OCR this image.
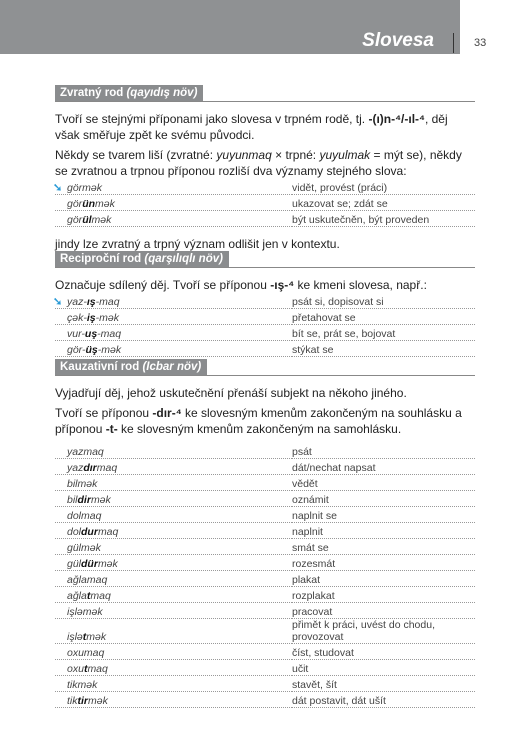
Slovesa	33
Zvratný rod (qayıdış növ)

Tvoří se stejnými příponami jako slovesa v trpném rodě, tj. -(ı)n-⁴/-ıl-⁴, děj však směřuje zpět ke svému původci.

Někdy se tvarem liší (zvratné: yuyunmaq × trpné: yuyulmak = mýt se), někdy se zvratnou a trpnou příponou rozliší dva významy stejného slova:

➘ görmək	vidět, provést (práci)
görünmək	ukazovat se; zdát se
görülmək	být uskutečněn, být proveden

jindy lze zvratný a trpný význam odlišit jen v kontextu.

Reciproční rod (qarşılıqlı növ)

Označuje sdílený děj. Tvoří se příponou -ış-⁴ ke kmeni slovesa, např.:

➘ yaz-ış-maq	psát si, dopisovat si
çək-iş-mək	přetahovat se
vur-uş-maq	bít se, prát se, bojovat
gör-üş-mək	stýkat se
Kauzativní rod (Icbar növ)

Vyjadřují děj, jehož uskutečnění přenáší subjekt na někoho jiného.

Tvoří se příponou -dır-⁴ ke slovesným kmenům zakončeným na souhlásku a příponou -t- ke slovesným kmenům zakončeným na samohlásku.

yazmaq	psát
yazdırmaq	dát/nechat napsat
bilmək	vědět
bildirmək	oznámit
dolmaq	naplnit se
doldurmaq	naplnit
gülmək	smát se
güldürmək	rozesmát
ağlamaq	plakat
ağlatmaq	rozplakat
işləmək	pracovat
işlətmək	přimět k práci, uvést do chodu, provozovat
oxumaq	číst, studovat
oxutmaq	učit
tikmək	stavět, šít
tiktirmək	dát postavit, dát ušít
